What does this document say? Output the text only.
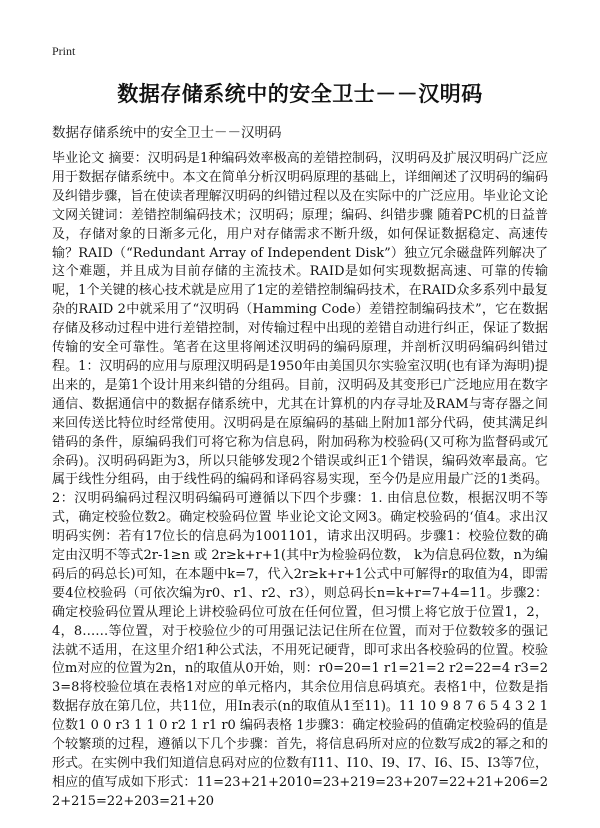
Print
数据存储系统中的安全卫士－－汉明码
数据存储系统中的安全卫士－－汉明码
毕业论文 摘要：汉明码是1种编码效率极高的差错控制码，汉明码及扩展汉明码广泛应用于数据存储系统中。本文在简单分析汉明码原理的基础上，详细阐述了汉明码的编码及纠错步骤，旨在使读者理解汉明码的纠错过程以及在实际中的广泛应用。毕业论文论文网关键词：差错控制编码技术；汉明码；原理；编码、纠错步骤 随着PC机的日益普及，存储对象的日渐多元化，用户对存储需求不断升级，如何保证数据稳定、高速传输？RAID（“Redundant Array of Independent Disk”）独立冗余磁盘阵列解决了这个难题，并且成为目前存储的主流技术。RAID是如何实现数据高速、可靠的传输呢，1个关键的核心技术就是应用了1定的差错控制编码技术，在RAID众多系列中最复杂的RAID 2中就采用了“汉明码（Hamming Code）差错控制编码技术”，它在数据存储及移动过程中进行差错控制，对传输过程中出现的差错自动进行纠正，保证了数据传输的安全可靠性。笔者在这里将阐述汉明码的编码原理，并剖析汉明码编码纠错过程。1：汉明码的应用与原理汉明码是1950年由美国贝尔实验室汉明(也有译为海明)提出来的，是第1个设计用来纠错的分组码。目前，汉明码及其变形已广泛地应用在数字通信、数据通信中的数据存储系统中，尤其在计算机的内存寻址及RAM与寄存器之间来回传送比特位时经常使用。汉明码是在原编码的基础上附加1部分代码，使其满足纠错码的条件，原编码我们可将它称为信息码，附加码称为校验码(又可称为监督码或冗余码)。汉明码码距为3，所以只能够发现2个错误或纠正1个错误，编码效率最高。它属于线性分组码，由于线性码的编码和译码容易实现，至今仍是应用最广泛的1类码。2：汉明码编码过程汉明码编码可遵循以下四个步骤：1. 由信息位数，根据汉明不等式，确定校验位数2。确定校验码位置 毕业论文论文网3。确定校验码的‘值4。求出汉明码实例：若有17位长的信息码为1001101，请求出汉明码。步骤1：校验位数的确定由汉明不等式2r-1≥n 或 2r≥k+r+1(其中r为检验码位数， k为信息码位数，n为编码后的码总长)可知，在本题中k=7，代入2r≥k+r+1公式中可解得r的取值为4，即需要4位校验码（可依次编为r0、r1、r2、r3），则总码长n=k+r=7+4=11。步骤2：确定校验码位置从理论上讲校验码位可放在任何位置，但习惯上将它放于位置1，2，4，8……等位置，对于校验位少的可用强记法记住所在位置，而对于位数较多的强记法就不适用，在这里介绍1种公式法，不用死记硬背，即可求出各校验码的位置。校验位m对应的位置为2n，n的取值从0开始，则：r0=20=1 r1=21=2 r2=22=4 r3=23=8将校验位填在表格1对应的单元格内，其余位用信息码填充。表格1中，位数是指数据存放在第几位，共11位，用In表示(n的取值从1至11)。11 10 9 8 7 6 5 4 3 2 1 位数1 0 0 r3 1 1 0 r2 1 r1 r0 编码表格 1步骤3：确定校验码的值确定校验码的值是个较繁琐的过程，遵循以下几个步骤：首先，将信息码所对应的位数写成2的幂之和的形式。在实例中我们知道信息码对应的位数有I11、I10、I9、I7、I6、I5、I3等7位，相应的值写成如下形式：11=23+21+2010=23+219=23+207=22+21+206=22+215=22+203=21+20
